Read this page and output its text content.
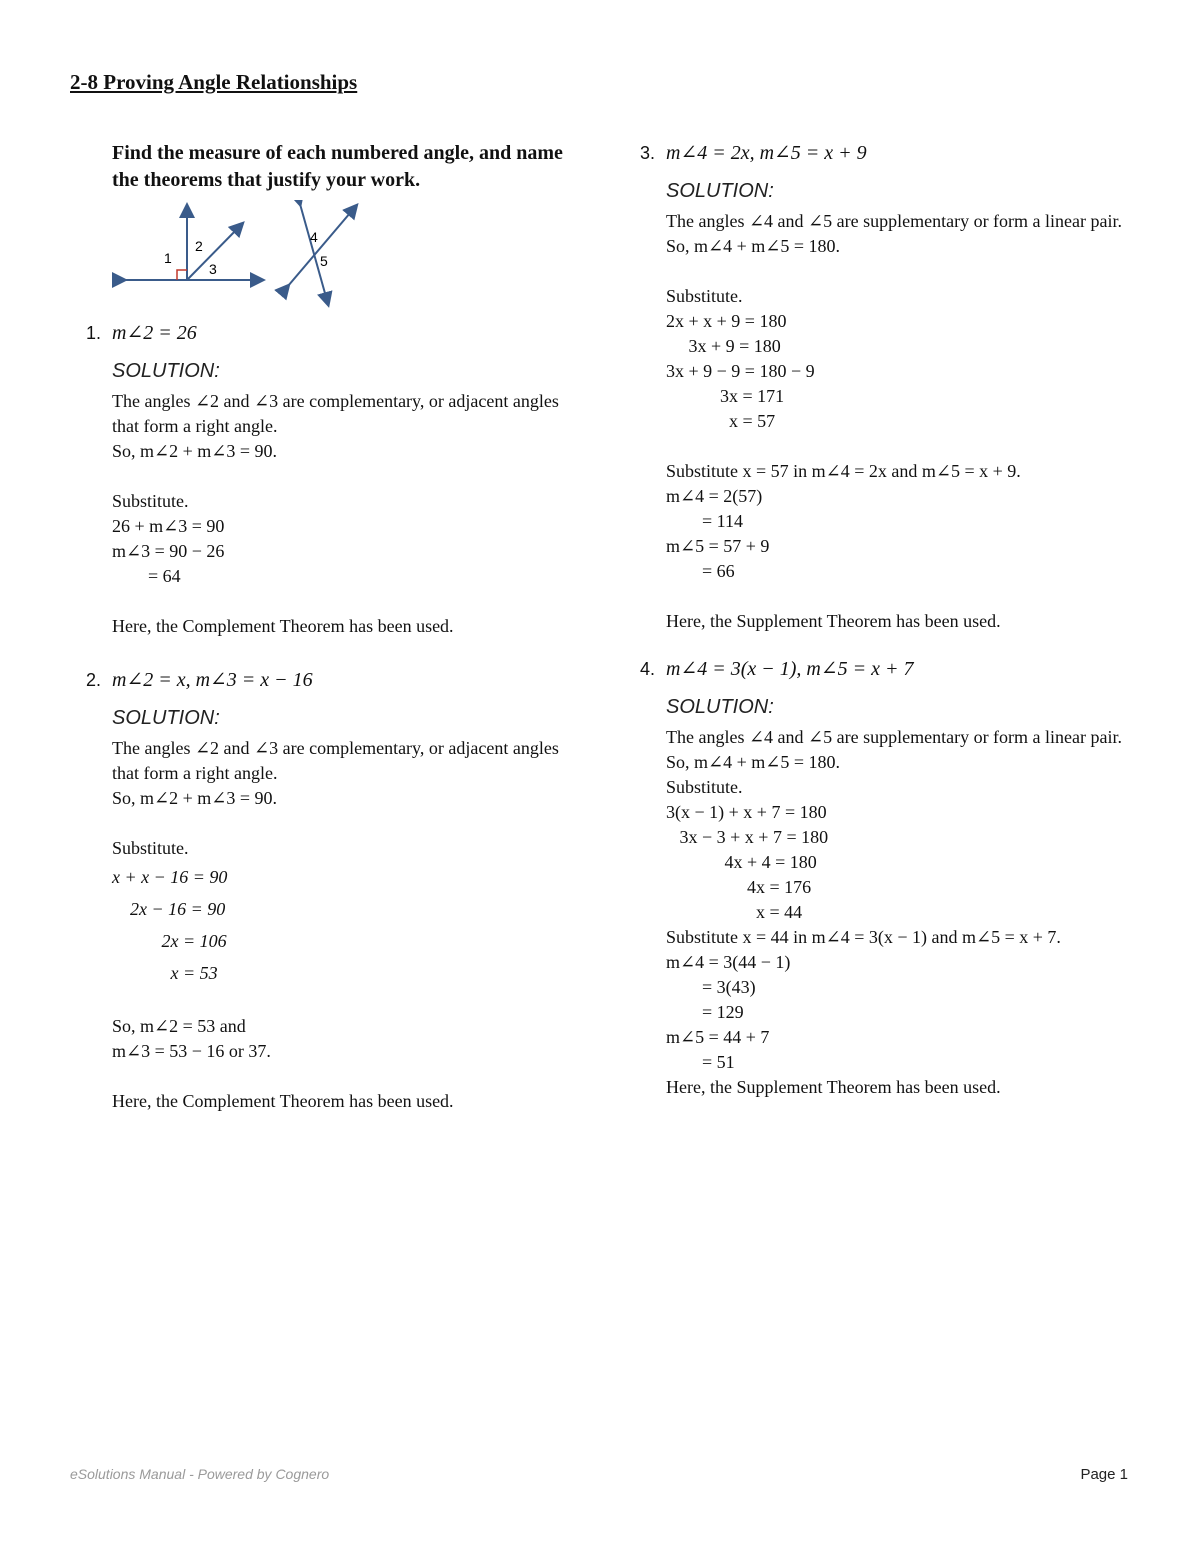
2-8 Proving Angle Relationships
Find the measure of each numbered angle, and name the theorems that justify your work.
1
2
3
4
5
1. m∠2 = 26
SOLUTION:
The angles ∠2 and ∠3 are complementary, or adjacent angles that form a right angle.
So, m∠2 + m∠3 = 90.
Substitute.
26 + m∠3 = 90
m∠3 = 90 − 26
= 64
Here, the Complement Theorem has been used.
2. m∠2 = x, m∠3 = x − 16
SOLUTION:
The angles ∠2 and ∠3 are complementary, or adjacent angles that form a right angle.
So, m∠2 + m∠3 = 90.
Substitute.
x + x − 16 = 90
2x − 16 = 90
2x = 106
x = 53
So, m∠2 = 53 and
m∠3 = 53 − 16 or 37.
Here, the Complement Theorem has been used.
3. m∠4 = 2x, m∠5 = x + 9
SOLUTION:
The angles ∠4 and ∠5 are supplementary or form a linear pair.
So, m∠4 + m∠5 = 180.
Substitute.
2x + x + 9 = 180
3x + 9 = 180
3x + 9 − 9 = 180 − 9
3x = 171
x = 57
Substitute x = 57 in m∠4 = 2x and m∠5 = x + 9.
m∠4 = 2(57)
= 114
m∠5 = 57 + 9
= 66
Here, the Supplement Theorem has been used.
4. m∠4 = 3(x − 1), m∠5 = x + 7
SOLUTION:
The angles ∠4 and ∠5 are supplementary or form a linear pair.
So, m∠4 + m∠5 = 180.
Substitute.
3(x − 1) + x + 7 = 180
3x − 3 + x + 7 = 180
4x + 4 = 180
4x = 176
x = 44
Substitute x = 44 in m∠4 = 3(x − 1) and m∠5 = x + 7.
m∠4 = 3(44 − 1)
= 3(43)
= 129
m∠5 = 44 + 7
= 51
Here, the Supplement Theorem has been used.
eSolutions Manual - Powered by Cognero	Page 1
